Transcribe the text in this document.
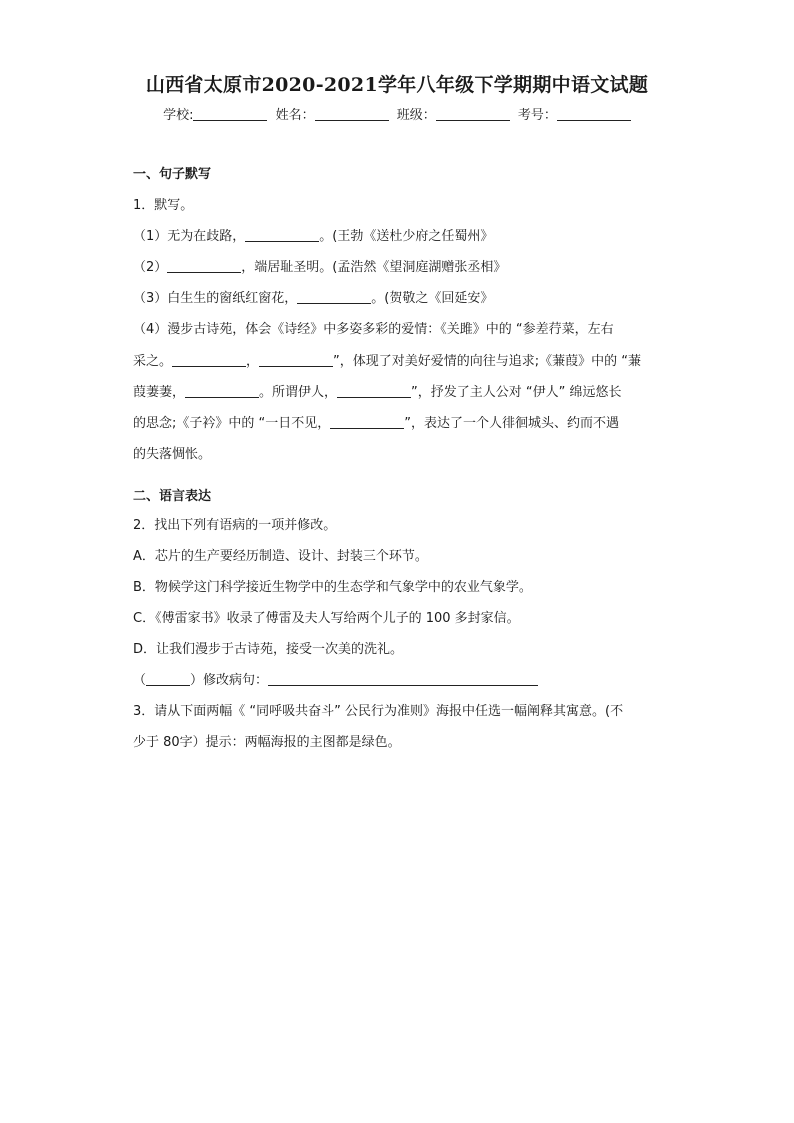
山西省太原市2020-2021学年八年级下学期期中语文试题
学校:	姓名：	班级：	考号：
一、句子默写
1．默写。
（1）无为在歧路，	。(王勃《送杜少府之任蜀州》
（2）	，端居耻圣明。(孟浩然《望洞庭湖赠张丞相》
（3）白生生的窗纸红窗花，	。(贺敬之《回延安》
（4）漫步古诗苑，体会《诗经》中多姿多彩的爱情：《关雎》中的 “参差荇菜，左右
采之。	，	”，体现了对美好爱情的向往与追求;《蒹葭》中的 “蒹
葭萋萋，	。所谓伊人，	”，抒发了主人公对 “伊人” 绵远悠长
的思念;《子衿》中的 “一日不见，	”，表达了一个人徘徊城头、约而不遇
的失落惆怅。
二、语言表达
2．找出下列有语病的一项并修改。
A．芯片的生产要经历制造、设计、封装三个环节。
B．物候学这门科学接近生物学中的生态学和气象学中的农业气象学。
C．《傅雷家书》收录了傅雷及夫人写给两个儿子的 100 多封家信。
D．让我们漫步于古诗苑，接受一次美的洗礼。
（	）修改病句：
3．请从下面两幅《 “同呼吸共奋斗” 公民行为准则》海报中任选一幅阐释其寓意。(不
少于 80字）提示：两幅海报的主图都是绿色。
